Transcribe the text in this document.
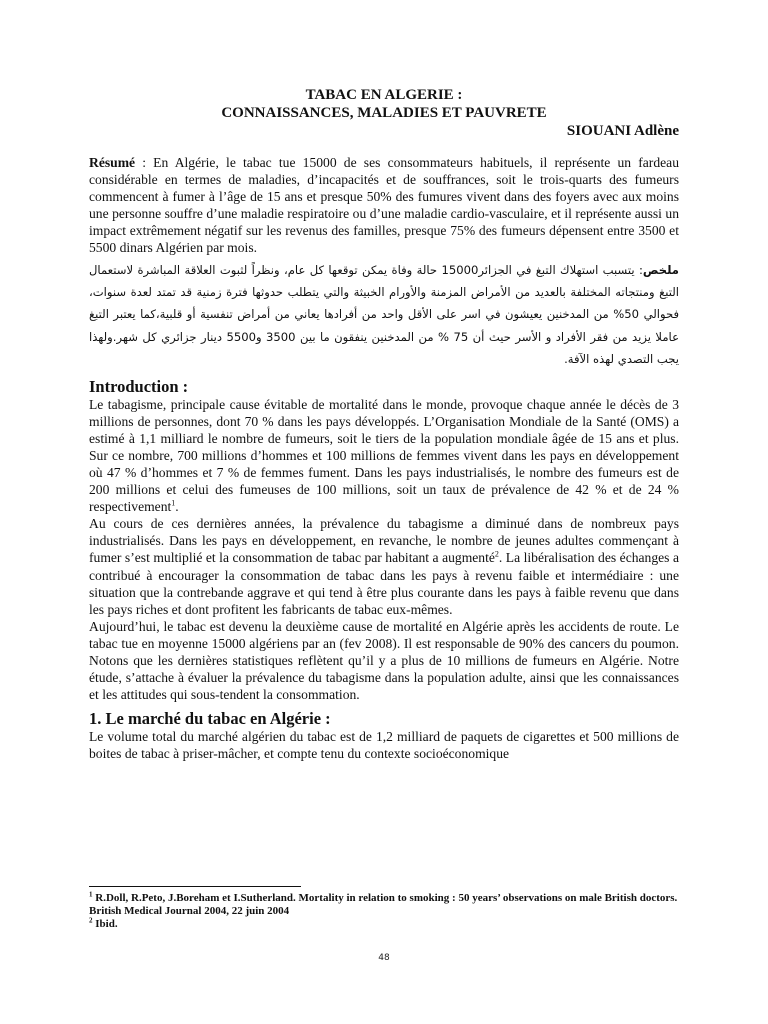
TABAC EN ALGERIE :

CONNAISSANCES, MALADIES ET PAUVRETE

SIOUANI Adlène

Résumé : En Algérie, le tabac tue 15000 de ses consommateurs habituels, il représente un fardeau considérable en termes de maladies, d’incapacités et de souffrances, soit le trois-quarts des fumeurs commencent à fumer à l’âge de 15 ans et presque 50% des fumures vivent dans des foyers avec aux moins une personne souffre d’une maladie respiratoire ou d’une maladie cardio-vasculaire, et il représente aussi un impact extrêmement négatif sur les revenus des familles, presque 75% des fumeurs dépensent entre 3500 et 5500 dinars Algérien par mois.

ملخص: يتسبب استهلاك التبغ في الجزائر15000 حالة وفاة يمكن توقعها كل عام، ونظراً لثبوت العلاقة المباشرة لاستعمال التبغ ومنتجاته المختلفة بالعديد من الأمراض المزمنة والأورام الخبيثة والتي يتطلب حدوثها فترة زمنية قد تمتد لعدة سنوات، فحوالي 50% من المدخنين يعيشون في اسر على الأقل واحد من أفرادها يعاني من أمراض تنفسية أو قلبية،كما يعتبر التبغ عاملا يزيد من فقر الأفراد و الأسر حيث أن 75 % من المدخنين ينفقون ما بين 3500 و5500 دينار جزائري كل شهر.ولهذا يجب التصدي لهذه الآفة.

Introduction :

Le tabagisme, principale cause évitable de mortalité dans le monde, provoque chaque année le décès de 3 millions de personnes, dont 70 % dans les pays développés. L’Organisation Mondiale de la Santé (OMS) a estimé à 1,1 milliard le nombre de fumeurs, soit le tiers de la population mondiale âgée de 15 ans et plus. Sur ce nombre, 700 millions d’hommes et 100 millions de femmes vivent dans les pays en développement où 47 % d’hommes et 7 % de femmes fument. Dans les pays industrialisés, le nombre des fumeurs est de 200 millions et celui des fumeuses de 100 millions, soit un taux de prévalence de 42 % et de 24 % respectivement$^1$.

Au cours de ces dernières années, la prévalence du tabagisme a diminué dans de nombreux pays industrialisés. Dans les pays en développement, en revanche, le nombre de jeunes adultes commençant à fumer s’est multiplié et la consommation de tabac par habitant a augmenté$^2$. La libéralisation des échanges a contribué à encourager la consommation de tabac dans les pays à revenu faible et intermédiaire : une situation que la contrebande aggrave et qui tend à être plus courante dans les pays à faible revenu que dans les pays riches et dont profitent les fabricants de tabac eux-mêmes.

Aujourd’hui, le tabac est devenu la deuxième cause de mortalité en Algérie après les accidents de route. Le tabac tue en moyenne 15000 algériens par an (fev 2008). Il est responsable de 90% des cancers du poumon. Notons que les dernières statistiques reflètent qu’il y a plus de 10 millions de fumeurs en Algérie. Notre étude, s’attache à évaluer la prévalence du tabagisme dans la population adulte, ainsi que les connaissances et les attitudes qui sous-tendent la consommation.

1. Le marché du tabac en Algérie :

Le volume total du marché algérien du tabac est de 1,2 milliard de paquets de cigarettes et 500 millions de boites de tabac à priser-mâcher, et compte tenu du contexte socioéconomique

$^1$ R.Doll, R.Peto, J.Boreham et I.Sutherland. Mortality in relation to smoking : 50 years’ observations on male British doctors. British Medical Journal 2004, 22 juin 2004
$^2$ Ibid.
48
